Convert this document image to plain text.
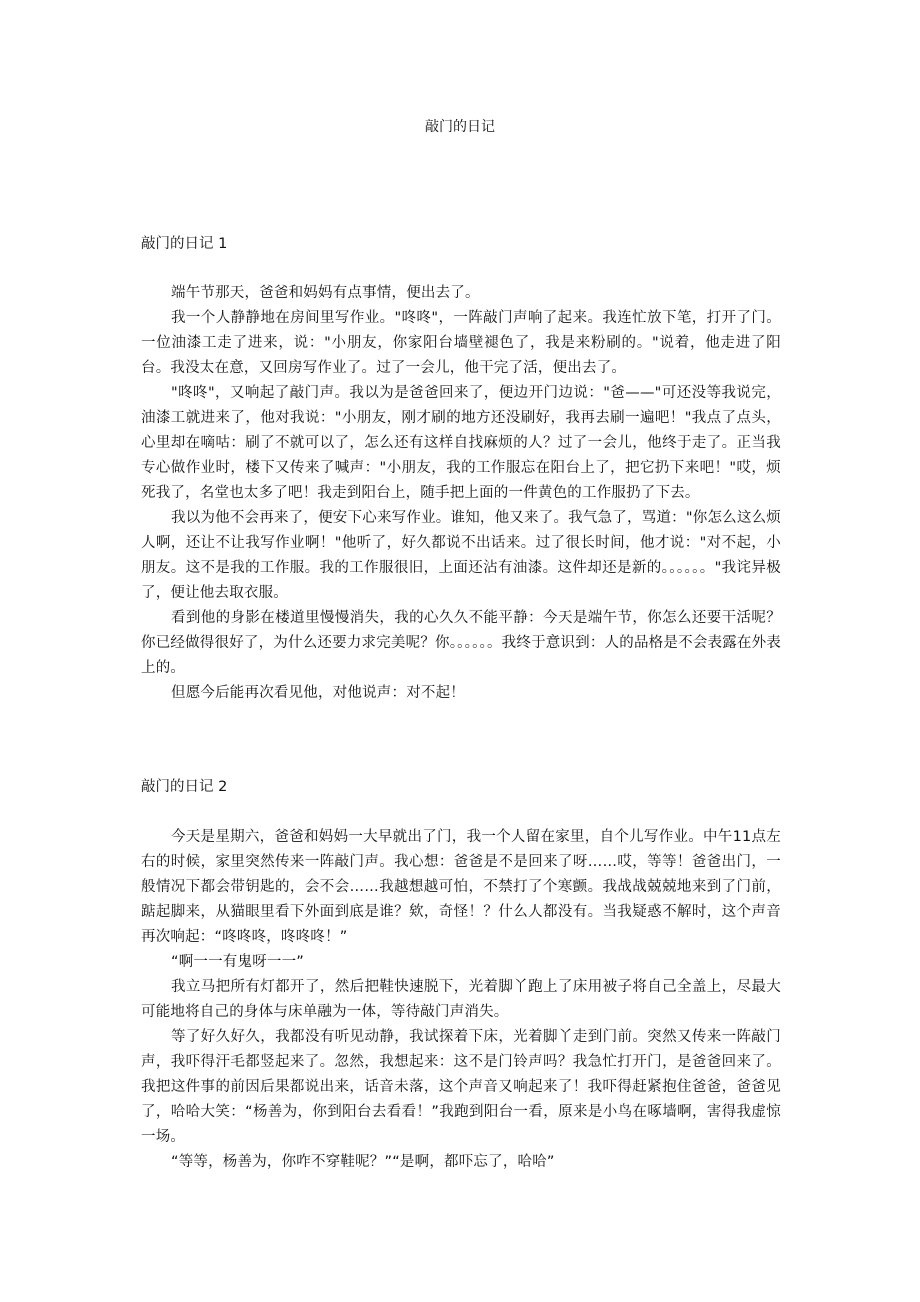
敲门的日记
敲门的日记 1

端午节那天，爸爸和妈妈有点事情，便出去了。

我一个人静静地在房间里写作业。"咚咚"，一阵敲门声响了起来。我连忙放下笔，打开了门。一位油漆工走了进来，说："小朋友，你家阳台墙壁褪色了，我是来粉刷的。"说着，他走进了阳台。我没太在意，又回房写作业了。过了一会儿，他干完了活，便出去了。

"咚咚"，又响起了敲门声。我以为是爸爸回来了，便边开门边说："爸——"可还没等我说完，油漆工就进来了，他对我说："小朋友，刚才刷的地方还没刷好，我再去刷一遍吧！"我点了点头，心里却在嘀咕：刷了不就可以了，怎么还有这样自找麻烦的人？过了一会儿，他终于走了。正当我专心做作业时，楼下又传来了喊声："小朋友，我的工作服忘在阳台上了，把它扔下来吧！"哎，烦死我了，名堂也太多了吧！我走到阳台上，随手把上面的一件黄色的工作服扔了下去。

我以为他不会再来了，便安下心来写作业。谁知，他又来了。我气急了，骂道："你怎么这么烦人啊，还让不让我写作业啊！"他听了，好久都说不出话来。过了很长时间，他才说："对不起，小朋友。这不是我的工作服。我的工作服很旧，上面还沾有油漆。这件却还是新的。。。。。。"我诧异极了，便让他去取衣服。

看到他的身影在楼道里慢慢消失，我的心久久不能平静：今天是端午节，你怎么还要干活呢？你已经做得很好了，为什么还要力求完美呢？你。。。。。。我终于意识到：人的品格是不会表露在外表上的。

但愿今后能再次看见他，对他说声：对不起！

敲门的日记 2

今天是星期六，爸爸和妈妈一大早就出了门，我一个人留在家里，自个儿写作业。中午11点左右的时候，家里突然传来一阵敲门声。我心想：爸爸是不是回来了呀……哎，等等！爸爸出门，一般情况下都会带钥匙的，会不会……我越想越可怕，不禁打了个寒颤。我战战兢兢地来到了门前，踮起脚来，从猫眼里看下外面到底是谁？欸，奇怪！？什么人都没有。当我疑惑不解时，这个声音再次响起：“咚咚咚，咚咚咚！”

“啊一一有鬼呀一一”

我立马把所有灯都开了，然后把鞋快速脱下，光着脚丫跑上了床用被子将自己全盖上，尽最大可能地将自己的身体与床单融为一体，等待敲门声消失。

等了好久好久，我都没有听见动静，我试探着下床，光着脚丫走到门前。突然又传来一阵敲门声，我吓得汗毛都竖起来了。忽然，我想起来：这不是门铃声吗？我急忙打开门，是爸爸回来了。我把这件事的前因后果都说出来，话音未落，这个声音又响起来了！我吓得赶紧抱住爸爸，爸爸见了，哈哈大笑：“杨善为，你到阳台去看看！”我跑到阳台一看，原来是小鸟在啄墙啊，害得我虚惊一场。

“等等，杨善为，你咋不穿鞋呢？”“是啊，都吓忘了，哈哈”
